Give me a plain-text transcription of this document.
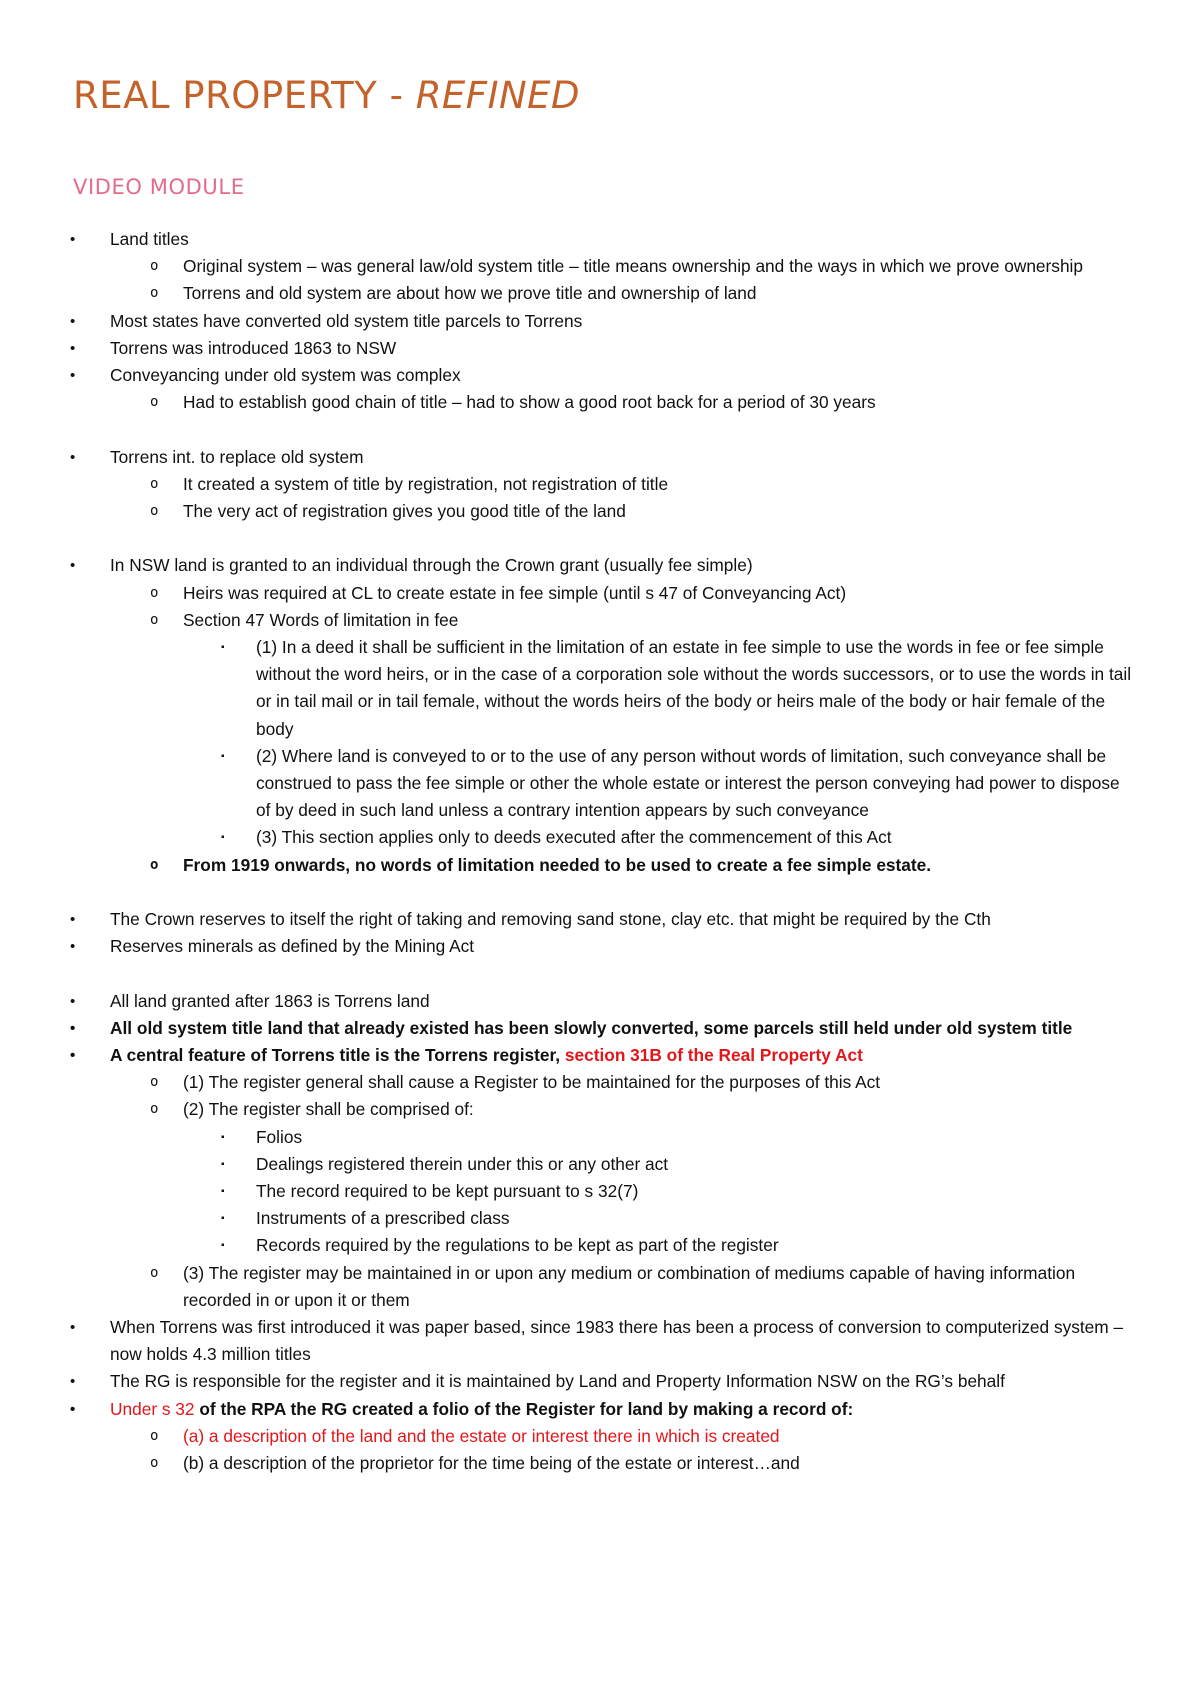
REAL PROPERTY - REFINED
VIDEO MODULE
• Land titles
o Original system – was general law/old system title – title means ownership and the ways in which we prove ownership
o Torrens and old system are about how we prove title and ownership of land
• Most states have converted old system title parcels to Torrens
• Torrens was introduced 1863 to NSW
• Conveyancing under old system was complex
o Had to establish good chain of title – had to show a good root back for a period of 30 years
• Torrens int. to replace old system
o It created a system of title by registration, not registration of title
o The very act of registration gives you good title of the land
• In NSW land is granted to an individual through the Crown grant (usually fee simple)
o Heirs was required at CL to create estate in fee simple (until s 47 of Conveyancing Act)
o Section 47 Words of limitation in fee
▪ (1) In a deed it shall be sufficient in the limitation of an estate in fee simple to use the words in fee or fee simple without the word heirs, or in the case of a corporation sole without the words successors, or to use the words in tail or in tail mail or in tail female, without the words heirs of the body or heirs male of the body or hair female of the body
▪ (2) Where land is conveyed to or to the use of any person without words of limitation, such conveyance shall be construed to pass the fee simple or other the whole estate or interest the person conveying had power to dispose of by deed in such land unless a contrary intention appears by such conveyance
▪ (3) This section applies only to deeds executed after the commencement of this Act
o From 1919 onwards, no words of limitation needed to be used to create a fee simple estate.
• The Crown reserves to itself the right of taking and removing sand stone, clay etc. that might be required by the Cth
• Reserves minerals as defined by the Mining Act
• All land granted after 1863 is Torrens land
• All old system title land that already existed has been slowly converted, some parcels still held under old system title
• A central feature of Torrens title is the Torrens register, section 31B of the Real Property Act
o (1) The register general shall cause a Register to be maintained for the purposes of this Act
o (2) The register shall be comprised of:
▪ Folios
▪ Dealings registered therein under this or any other act
▪ The record required to be kept pursuant to s 32(7)
▪ Instruments of a prescribed class
▪ Records required by the regulations to be kept as part of the register
o (3) The register may be maintained in or upon any medium or combination of mediums capable of having information recorded in or upon it or them
• When Torrens was first introduced it was paper based, since 1983 there has been a process of conversion to computerized system – now holds 4.3 million titles
• The RG is responsible for the register and it is maintained by Land and Property Information NSW on the RG’s behalf
• Under s 32 of the RPA the RG created a folio of the Register for land by making a record of:
o (a) a description of the land and the estate or interest there in which is created
o (b) a description of the proprietor for the time being of the estate or interest…and
